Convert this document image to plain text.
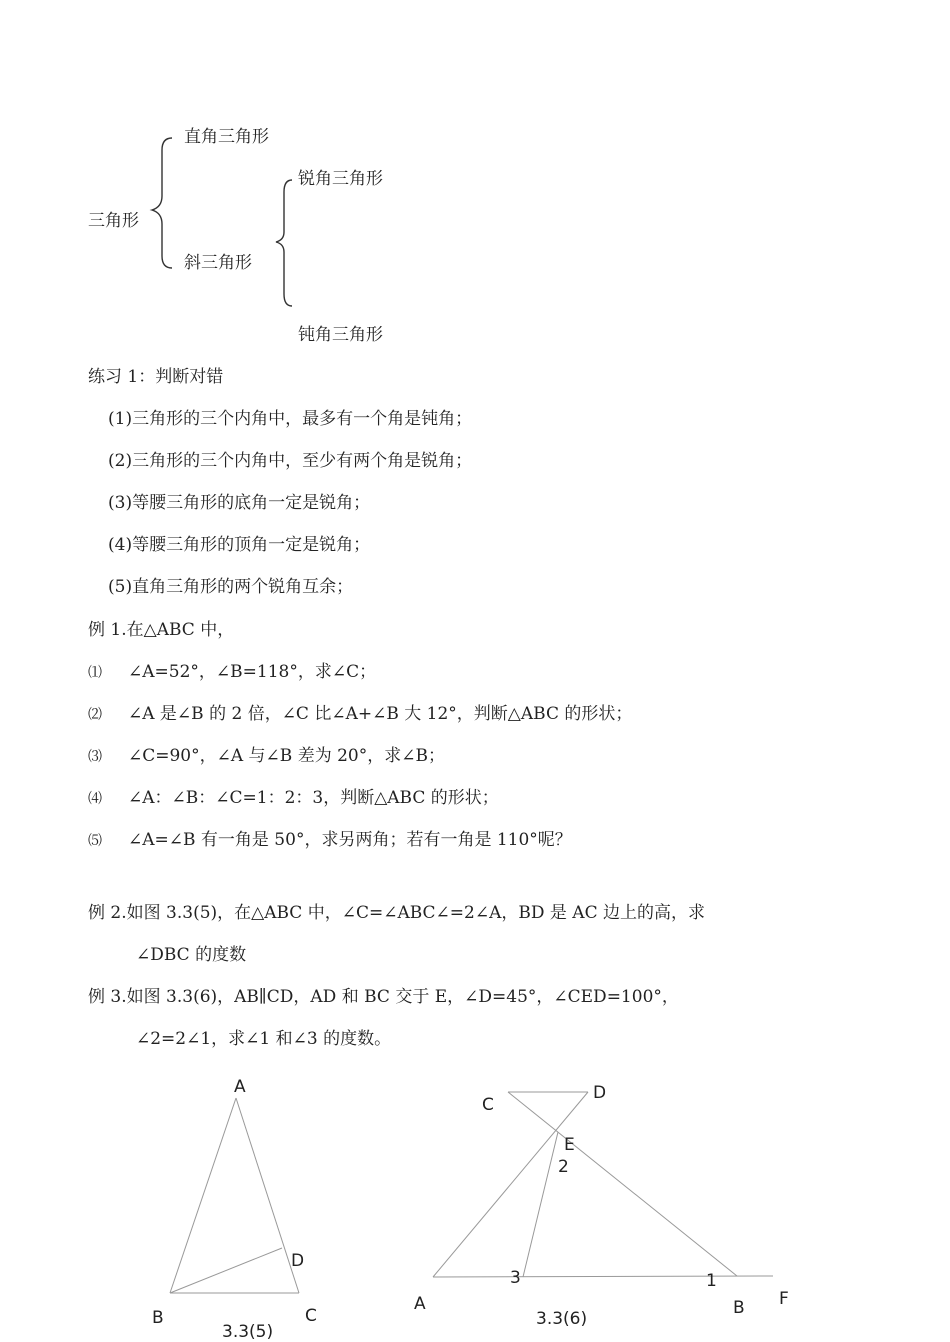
三角形
直角三角形
斜三角形
锐角三角形
钝角三角形
练习 1：判断对错
(1)三角形的三个内角中，最多有一个角是钝角；
(2)三角形的三个内角中，至少有两个角是锐角；
(3)等腰三角形的底角一定是锐角；
(4)等腰三角形的顶角一定是锐角；
(5)直角三角形的两个锐角互余；
例 1.在△ABC 中，
⑴ ∠A=52°，∠B=118°，求∠C；
⑵ ∠A 是∠B 的 2 倍，∠C 比∠A+∠B 大 12°，判断△ABC 的形状；
⑶ ∠C=90°，∠A 与∠B 差为 20°，求∠B；
⑷ ∠A：∠B：∠C=1：2：3，判断△ABC 的形状；
⑸ ∠A=∠B 有一角是 50°，求另两角；若有一角是 110°呢？
例 2.如图 3.3(5)，在△ABC 中，∠C=∠ABC∠=2∠A，BD 是 AC 边上的高，求
∠DBC 的度数
例 3.如图 3.3(6)，AB∥CD，AD 和 BC 交于 E，∠D=45°，∠CED=100°，
∠2=2∠1，求∠1 和∠3 的度数。
A
D
B	C
3.3(5)
C
D
E
2
3	1
A	B F
3.3(6)
